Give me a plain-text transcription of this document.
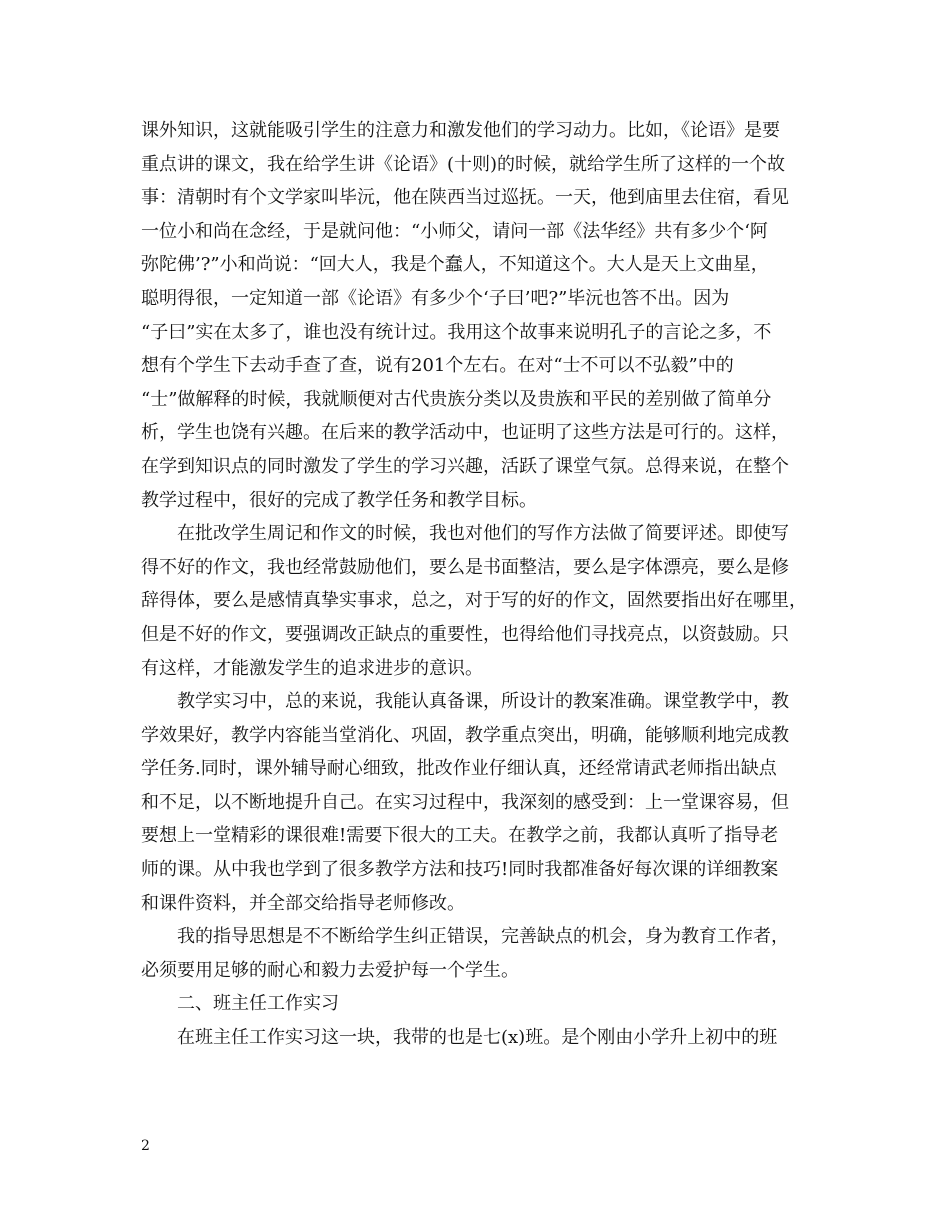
课外知识，这就能吸引学生的注意力和激发他们的学习动力。比如，《论语》是要
重点讲的课文，我在给学生讲《论语》(十则)的时候，就给学生所了这样的一个故
事：清朝时有个文学家叫毕沅，他在陕西当过巡抚。一天，他到庙里去住宿，看见
一位小和尚在念经，于是就问他：“小师父，请问一部《法华经》共有多少个‘阿
弥陀佛’?”小和尚说：“回大人，我是个蠢人，不知道这个。大人是天上文曲星，
聪明得很，一定知道一部《论语》有多少个‘子曰’吧?”毕沅也答不出。因为
“子曰”实在太多了，谁也没有统计过。我用这个故事来说明孔子的言论之多，不
想有个学生下去动手查了查，说有201个左右。在对“士不可以不弘毅”中的
“士”做解释的时候，我就顺便对古代贵族分类以及贵族和平民的差别做了简单分
析，学生也饶有兴趣。在后来的教学活动中，也证明了这些方法是可行的。这样，
在学到知识点的同时激发了学生的学习兴趣，活跃了课堂气氛。总得来说，在整个
教学过程中，很好的完成了教学任务和教学目标。
在批改学生周记和作文的时候，我也对他们的写作方法做了简要评述。即使写
得不好的作文，我也经常鼓励他们，要么是书面整洁，要么是字体漂亮，要么是修
辞得体，要么是感情真挚实事求，总之，对于写的好的作文，固然要指出好在哪里，
但是不好的作文，要强调改正缺点的重要性，也得给他们寻找亮点，以资鼓励。只
有这样，才能激发学生的追求进步的意识。
教学实习中，总的来说，我能认真备课，所设计的教案准确。课堂教学中，教
学效果好，教学内容能当堂消化、巩固，教学重点突出，明确，能够顺利地完成教
学任务.同时，课外辅导耐心细致，批改作业仔细认真，还经常请武老师指出缺点
和不足，以不断地提升自己。在实习过程中，我深刻的感受到：上一堂课容易，但
要想上一堂精彩的课很难!需要下很大的工夫。在教学之前，我都认真听了指导老
师的课。从中我也学到了很多教学方法和技巧!同时我都准备好每次课的详细教案
和课件资料，并全部交给指导老师修改。
我的指导思想是不不断给学生纠正错误，完善缺点的机会，身为教育工作者，
必须要用足够的耐心和毅力去爱护每一个学生。
二、班主任工作实习
在班主任工作实习这一块，我带的也是七(x)班。是个刚由小学升上初中的班
2
